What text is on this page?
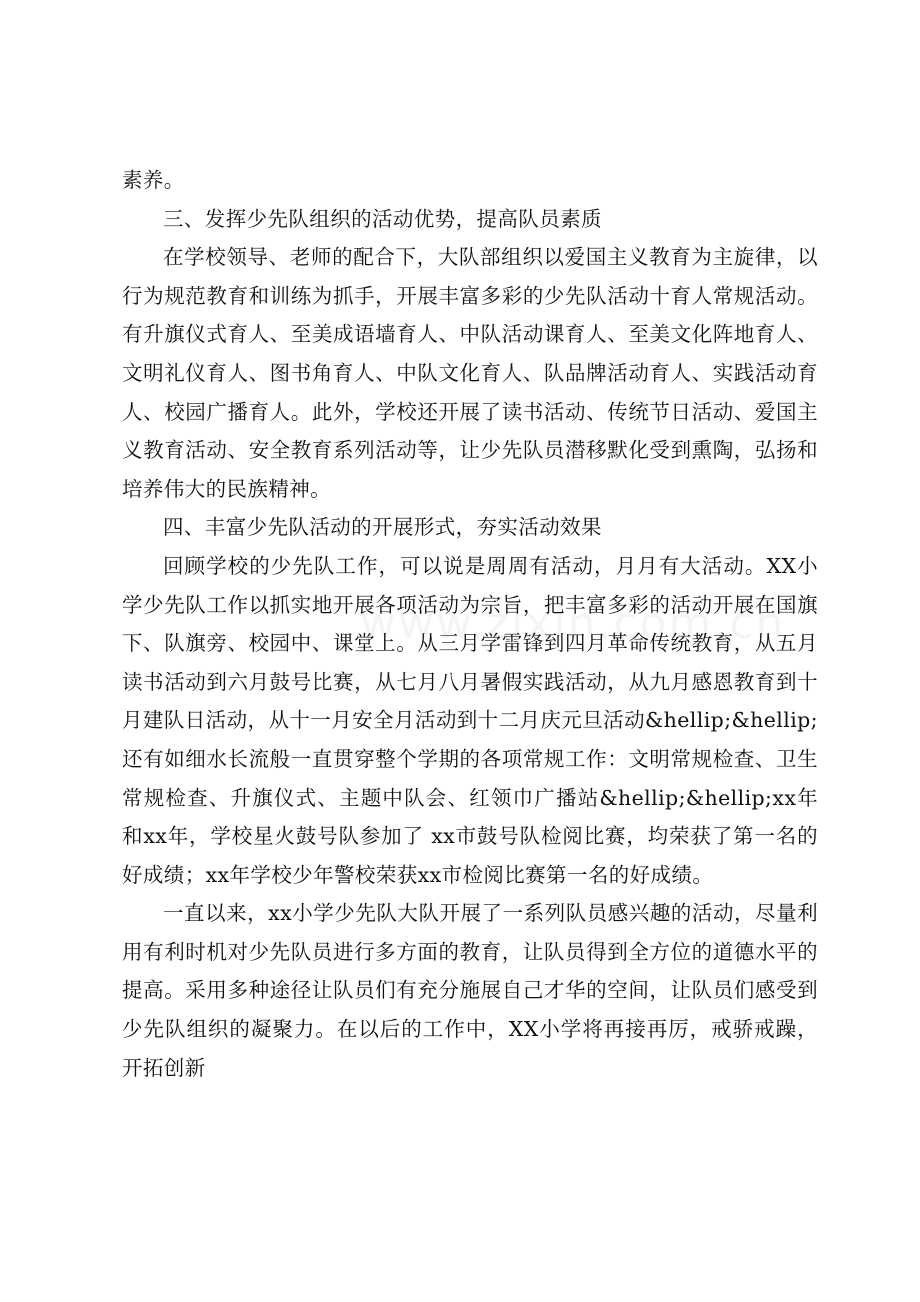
素养。

三、发挥少先队组织的活动优势，提高队员素质

在学校领导、老师的配合下，大队部组织以爱国主义教育为主旋律，以行为规范教育和训练为抓手，开展丰富多彩的少先队活动十育人常规活动。有升旗仪式育人、至美成语墙育人、中队活动课育人、至美文化阵地育人、文明礼仪育人、图书角育人、中队文化育人、队品牌活动育人、实践活动育人、校园广播育人。此外，学校还开展了读书活动、传统节日活动、爱国主义教育活动、安全教育系列活动等，让少先队员潜移默化受到熏陶，弘扬和培养伟大的民族精神。

四、丰富少先队活动的开展形式，夯实活动效果

回顾学校的少先队工作，可以说是周周有活动，月月有大活动。XX小学少先队工作以抓实地开展各项活动为宗旨，把丰富多彩的活动开展在国旗下、队旗旁、校园中、课堂上。从三月学雷锋到四月革命传统教育，从五月读书活动到六月鼓号比赛，从七月八月暑假实践活动，从九月感恩教育到十月建队日活动，从十一月安全月活动到十二月庆元旦活动&hellip;&hellip;还有如细水长流般一直贯穿整个学期的各项常规工作：文明常规检查、卫生常规检查、升旗仪式、主题中队会、红领巾广播站&hellip;&hellip;xx年和xx年，学校星火鼓号队参加了 xx市鼓号队检阅比赛，均荣获了第一名的好成绩；xx年学校少年警校荣获xx市检阅比赛第一名的好成绩。

一直以来，xx小学少先队大队开展了一系列队员感兴趣的活动，尽量利用有利时机对少先队员进行多方面的教育，让队员得到全方位的道德水平的提高。采用多种途径让队员们有充分施展自己才华的空间，让队员们感受到少先队组织的凝聚力。在以后的工作中，XX小学将再接再厉，戒骄戒躁，开拓创新
